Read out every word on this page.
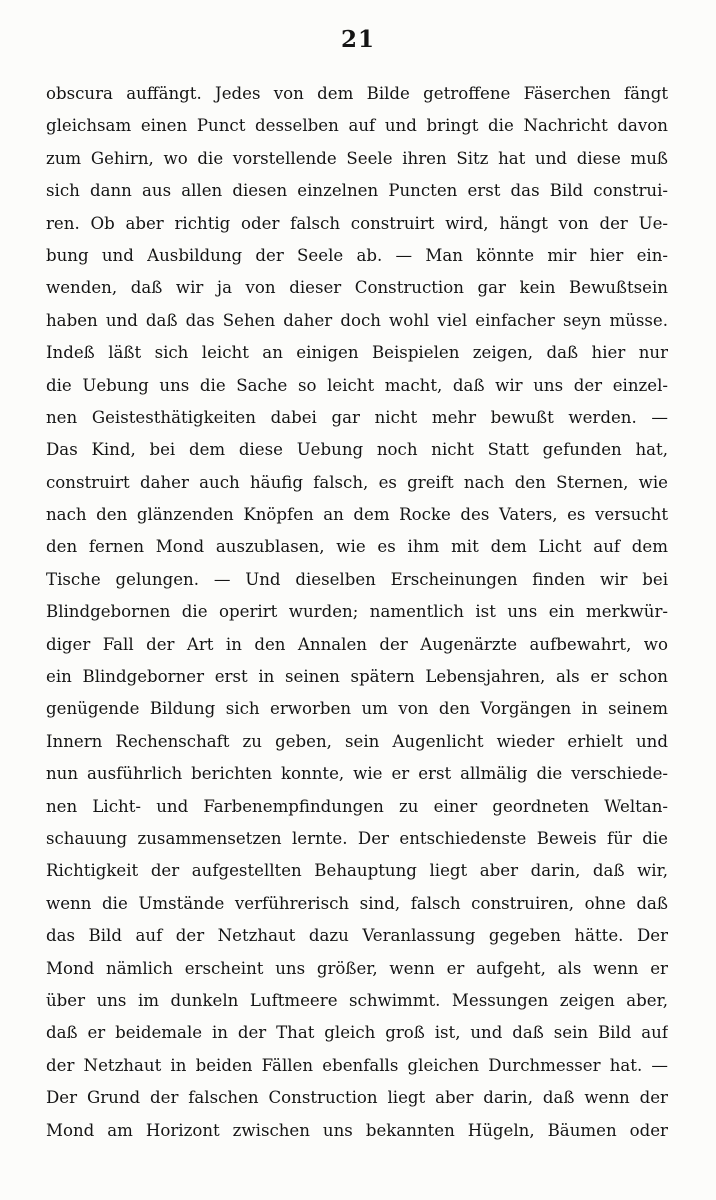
21
obscura auffängt. Jedes von dem Bilde getroffene Fäserchen fängt
gleichsam einen Punct desselben auf und bringt die Nachricht davon
zum Gehirn, wo die vorstellende Seele ihren Sitz hat und diese muß
sich dann aus allen diesen einzelnen Puncten erst das Bild construi-
ren. Ob aber richtig oder falsch construirt wird, hängt von der Ue-
bung und Ausbildung der Seele ab. — Man könnte mir hier ein-
wenden, daß wir ja von dieser Construction gar kein Bewußtsein
haben und daß das Sehen daher doch wohl viel einfacher seyn müsse.
Indeß läßt sich leicht an einigen Beispielen zeigen, daß hier nur
die Uebung uns die Sache so leicht macht, daß wir uns der einzel-
nen Geistesthätigkeiten dabei gar nicht mehr bewußt werden. —
Das Kind, bei dem diese Uebung noch nicht Statt gefunden hat,
construirt daher auch häufig falsch, es greift nach den Sternen, wie
nach den glänzenden Knöpfen an dem Rocke des Vaters, es versucht
den fernen Mond auszublasen, wie es ihm mit dem Licht auf dem
Tische gelungen. — Und dieselben Erscheinungen finden wir bei
Blindgebornen die operirt wurden; namentlich ist uns ein merkwür-
diger Fall der Art in den Annalen der Augenärzte aufbewahrt, wo
ein Blindgeborner erst in seinen spätern Lebensjahren, als er schon
genügende Bildung sich erworben um von den Vorgängen in seinem
Innern Rechenschaft zu geben, sein Augenlicht wieder erhielt und
nun ausführlich berichten konnte, wie er erst allmälig die verschiede-
nen Licht- und Farbenempfindungen zu einer geordneten Weltan-
schauung zusammensetzen lernte. Der entschiedenste Beweis für die
Richtigkeit der aufgestellten Behauptung liegt aber darin, daß wir,
wenn die Umstände verführerisch sind, falsch construiren, ohne daß
das Bild auf der Netzhaut dazu Veranlassung gegeben hätte. Der
Mond nämlich erscheint uns größer, wenn er aufgeht, als wenn er
über uns im dunkeln Luftmeere schwimmt. Messungen zeigen aber,
daß er beidemale in der That gleich groß ist, und daß sein Bild auf
der Netzhaut in beiden Fällen ebenfalls gleichen Durchmesser hat. —
Der Grund der falschen Construction liegt aber darin, daß wenn der
Mond am Horizont zwischen uns bekannten Hügeln, Bäumen oder
